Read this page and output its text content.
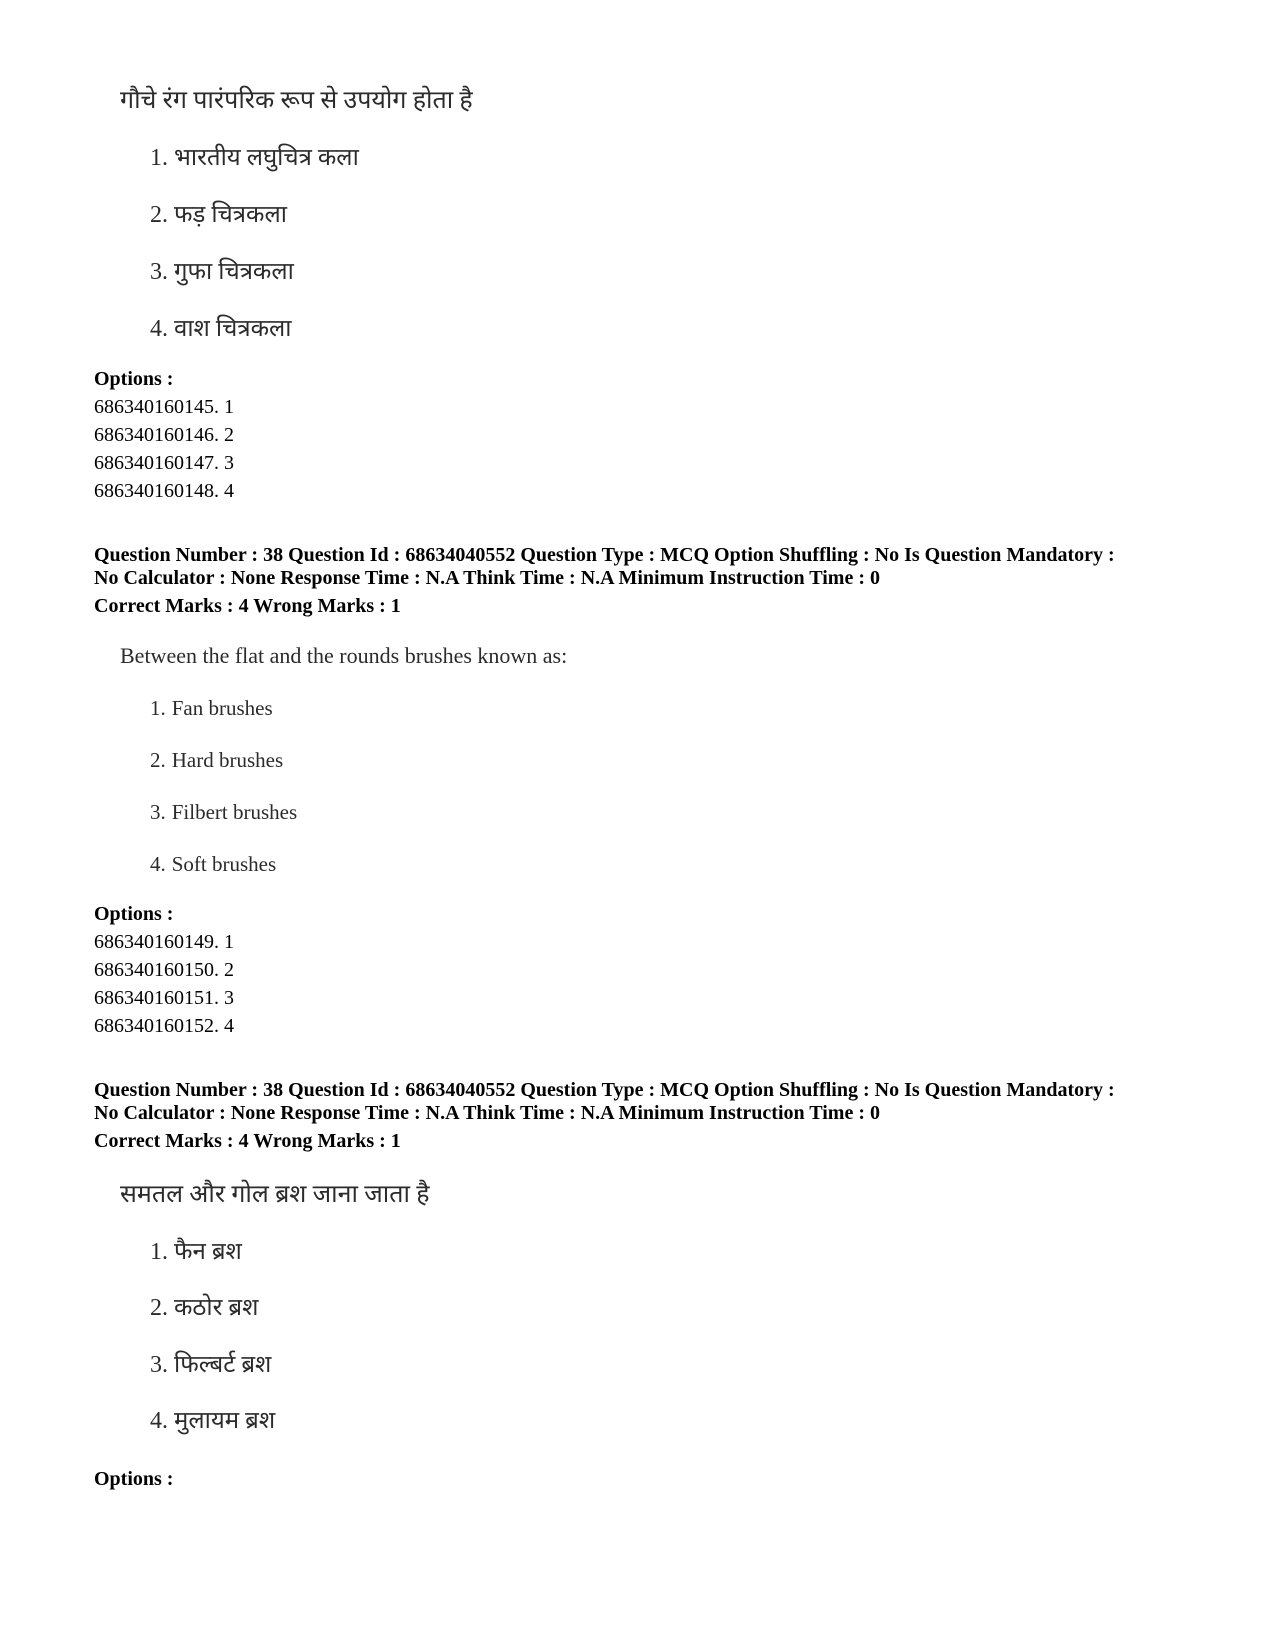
गौचे रंग पारंपरिक रूप से उपयोग होता है
1. भारतीय लघुचित्र कला
2. फड़ चित्रकला
3. गुफा चित्रकला
4. वाश चित्रकला
Options :
686340160145. 1
686340160146. 2
686340160147. 3
686340160148. 4
Question Number : 38 Question Id : 68634040552 Question Type : MCQ Option Shuffling : No Is Question Mandatory :
No Calculator : None Response Time : N.A Think Time : N.A Minimum Instruction Time : 0
Correct Marks : 4 Wrong Marks : 1
Between the flat and the rounds brushes known as:
1. Fan brushes
2. Hard brushes
3. Filbert brushes
4. Soft brushes
Options :
686340160149. 1
686340160150. 2
686340160151. 3
686340160152. 4
Question Number : 38 Question Id : 68634040552 Question Type : MCQ Option Shuffling : No Is Question Mandatory :
No Calculator : None Response Time : N.A Think Time : N.A Minimum Instruction Time : 0
Correct Marks : 4 Wrong Marks : 1
समतल और गोल ब्रश जाना जाता है
1. फैन ब्रश
2. कठोर ब्रश
3. फिल्बर्ट ब्रश
4. मुलायम ब्रश
Options :
